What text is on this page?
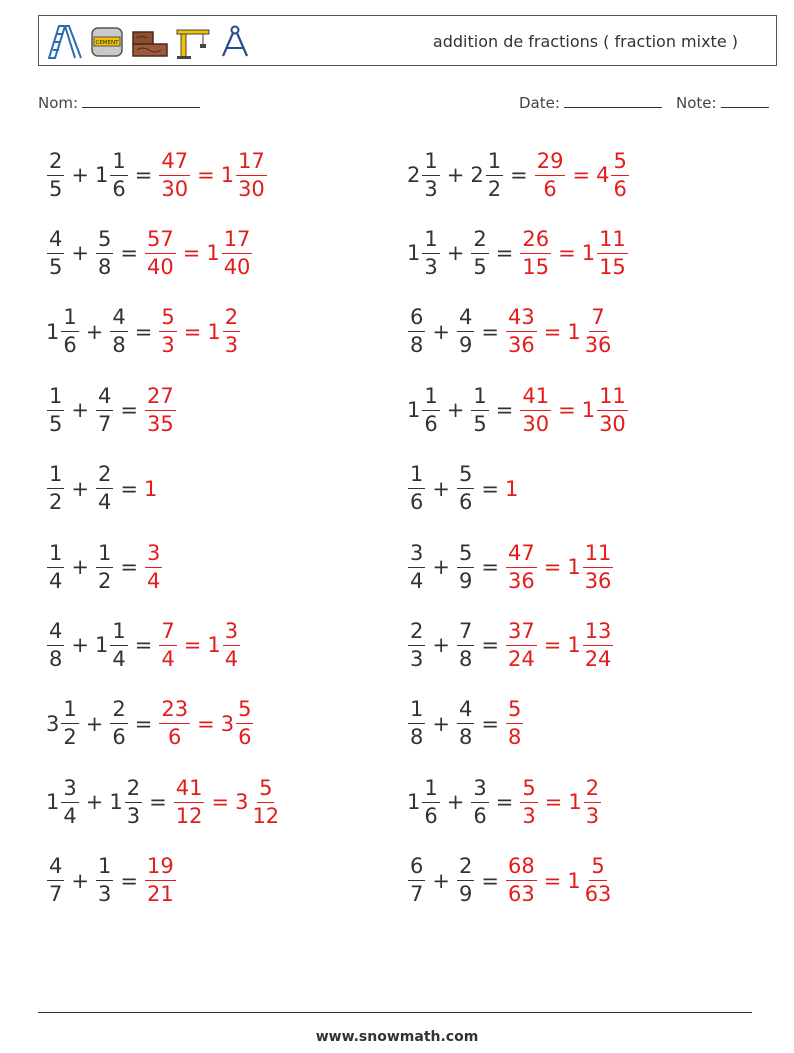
CEMENT	addition de fractions ( fraction mixte )
Nom:	Date:	Note:
$\frac{2}{5} + 1 \frac{1}{6} = \frac{47}{30} = 1 \frac{17}{30}$
$\frac{4}{5} + \frac{5}{8} = \frac{57}{40} = 1 \frac{17}{40}$
$1 \frac{1}{6} + \frac{4}{8} = \frac{5}{3} = 1 \frac{2}{3}$
$\frac{1}{5} + \frac{4}{7} = \frac{27}{35}$
$\frac{1}{2} + \frac{2}{4} = 1$
$\frac{1}{4} + \frac{1}{2} = \frac{3}{4}$
$\frac{4}{8} + 1 \frac{1}{4} = \frac{7}{4} = 1 \frac{3}{4}$
$3 \frac{1}{2} + \frac{2}{6} = \frac{23}{6} = 3 \frac{5}{6}$
$1 \frac{3}{4} + 1 \frac{2}{3} = \frac{41}{12} = 3 \frac{5}{12}$
$\frac{4}{7} + \frac{1}{3} = \frac{19}{21}$
$2 \frac{1}{3} + 2 \frac{1}{2} = \frac{29}{6} = 4 \frac{5}{6}$
$1 \frac{1}{3} + \frac{2}{5} = \frac{26}{15} = 1 \frac{11}{15}$
$\frac{6}{8} + \frac{4}{9} = \frac{43}{36} = 1 \frac{7}{36}$
$1 \frac{1}{6} + \frac{1}{5} = \frac{41}{30} = 1 \frac{11}{30}$
$\frac{1}{6} + \frac{5}{6} = 1$
$\frac{3}{4} + \frac{5}{9} = \frac{47}{36} = 1 \frac{11}{36}$
$\frac{2}{3} + \frac{7}{8} = \frac{37}{24} = 1 \frac{13}{24}$
$\frac{1}{8} + \frac{4}{8} = \frac{5}{8}$
$1 \frac{1}{6} + \frac{3}{6} = \frac{5}{3} = 1 \frac{2}{3}$
$\frac{6}{7} + \frac{2}{9} = \frac{68}{63} = 1 \frac{5}{63}$
www.snowmath.com
